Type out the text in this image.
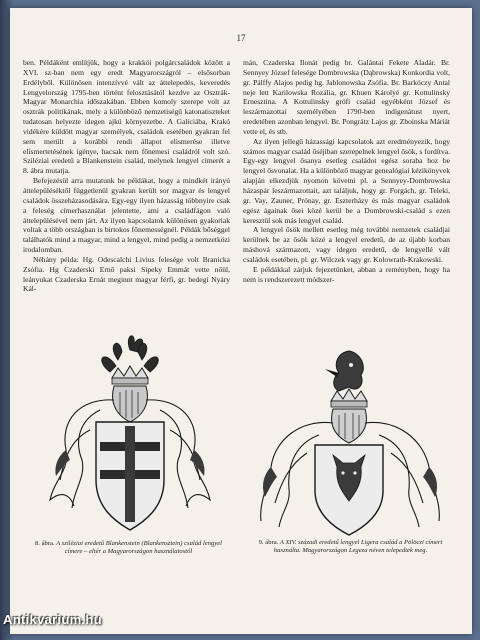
17

ben. Példáként említjük, hogy a krakkói polgárcsaládok között a XVI. sz-ban nem egy eredt Magyarországról – elsősorban Erdélyből. Különösen intenzívvé vált az áttelepedés, keveredés Lengyelország 1795-ben történt felosztásától kezdve az Osztrák-Magyar Monarchia időszakában. Ebben komoly szerepe volt az osztrák politikának, mely a különböző nemzetiségű katonatiszteket tudatosan helyezte idegen ajkú környezetbe. A Galíciába, Krakó vidékére küldött magyar személyek, családok esetében gyakran fel sem merült a korábbi rendi állapot elismerése illetve elismertetésének igénye, hacsak nem főnemesi családról volt szó. Sziléziai eredetű a Blankenstein család, melynek lengyel címerét a 8. ábra mutatja.

Befejezésül arra mutatunk be példákat, hogy a mindkét irányú áttelepüléséktől függetlenül gyakran került sor magyar és lengyel családok összeházasodására. Egy-egy ilyen házasság többnyire csak a feleség címerhasználat jelentette, ami a családfágon való áttelepülésével nem járt. Az ilyen kapcsolatok különösen gyakoriak voltak a több országban is birtokos főnemességnél. Példák bőséggel találhatók mind a magyar, mind a lengyel, mind pedig a nemzetközi irodalomban.

Néhány példa: Hg. Odescalchi Livius felesége volt Branicka Zsófia. Hg Czaderski Ernő paksi Sipeky Emmát vette nőül, leányukat Czaderska Ernát meginnt magyar férfi, gr. bedegi Nyáry Kál-

mán, Czaderska Ilonát pedig br. Galántai Fekete Aladár. Br. Sennyey József felesége Dombrowska (Dąbrowska) Konkordia volt, gr. Pálffy Alajos pedig hg. Jablonowska Zsófia. Br. Barkóczy Antal neje lett Karilowska Rozália, gr. Khuen Károlyé gr. Kottulinsky Ernesztina. A Kottulinsky grófi család egyébként József és leszármazottai személyében 1790-ben indigenátust nyert, eredetében azonban lengyel. Br. Pongrátz Lajos gr. Zboinska Máriát vette el, és stb.

Az ilyen jellegű házassági kapcsolatok azt eredményezik, hogy számos magyar család őséjiban szerepelnek lengyel ősök, s fordítva. Egy-egy lengyel ősanya esetleg családot egész soraba hoz be lengyel ősvonalat. Ha a különböző magyar genealógiai kézikönyvek alapján elkezdjük nyomon követni pl. a Sennyey-Dombrowska házaspár leszármazottait, azt találjuk, hogy gr. Forgách, gr. Teleki, gr. Vay, Zauner, Prónay, gr. Eszterházy és más magyar családok egész ágainak ősei közé kerül be a Dombrowski-család s ezen keresztül sok más lengyel család.

A lengyel ősök mellett esetleg még további nemzetek családjai kerülnek be az ősök közé a lengyel eredetű, de az újabb korban máshová származott, vagy idegen eredetű, de lengyellé vált családok esetében, pl. gr. Wilczek vagy gr. Kolowrath-Krakowski.

E példákkal zárjuk fejezetünket, abban a reményben, hogy ha nem is rendszerezett módszer-

8. ábra. A sziléziai eredetű Blankenstein (Blankensztein) család lengyel címere – eltér a Magyarországon használatostól
9. ábra. A XIV. századi eredetű lengyel Ligera család a Pölöczi címert használta. Magyarországon Legeza néven telepedtek meg.
Antikvarium.hu
